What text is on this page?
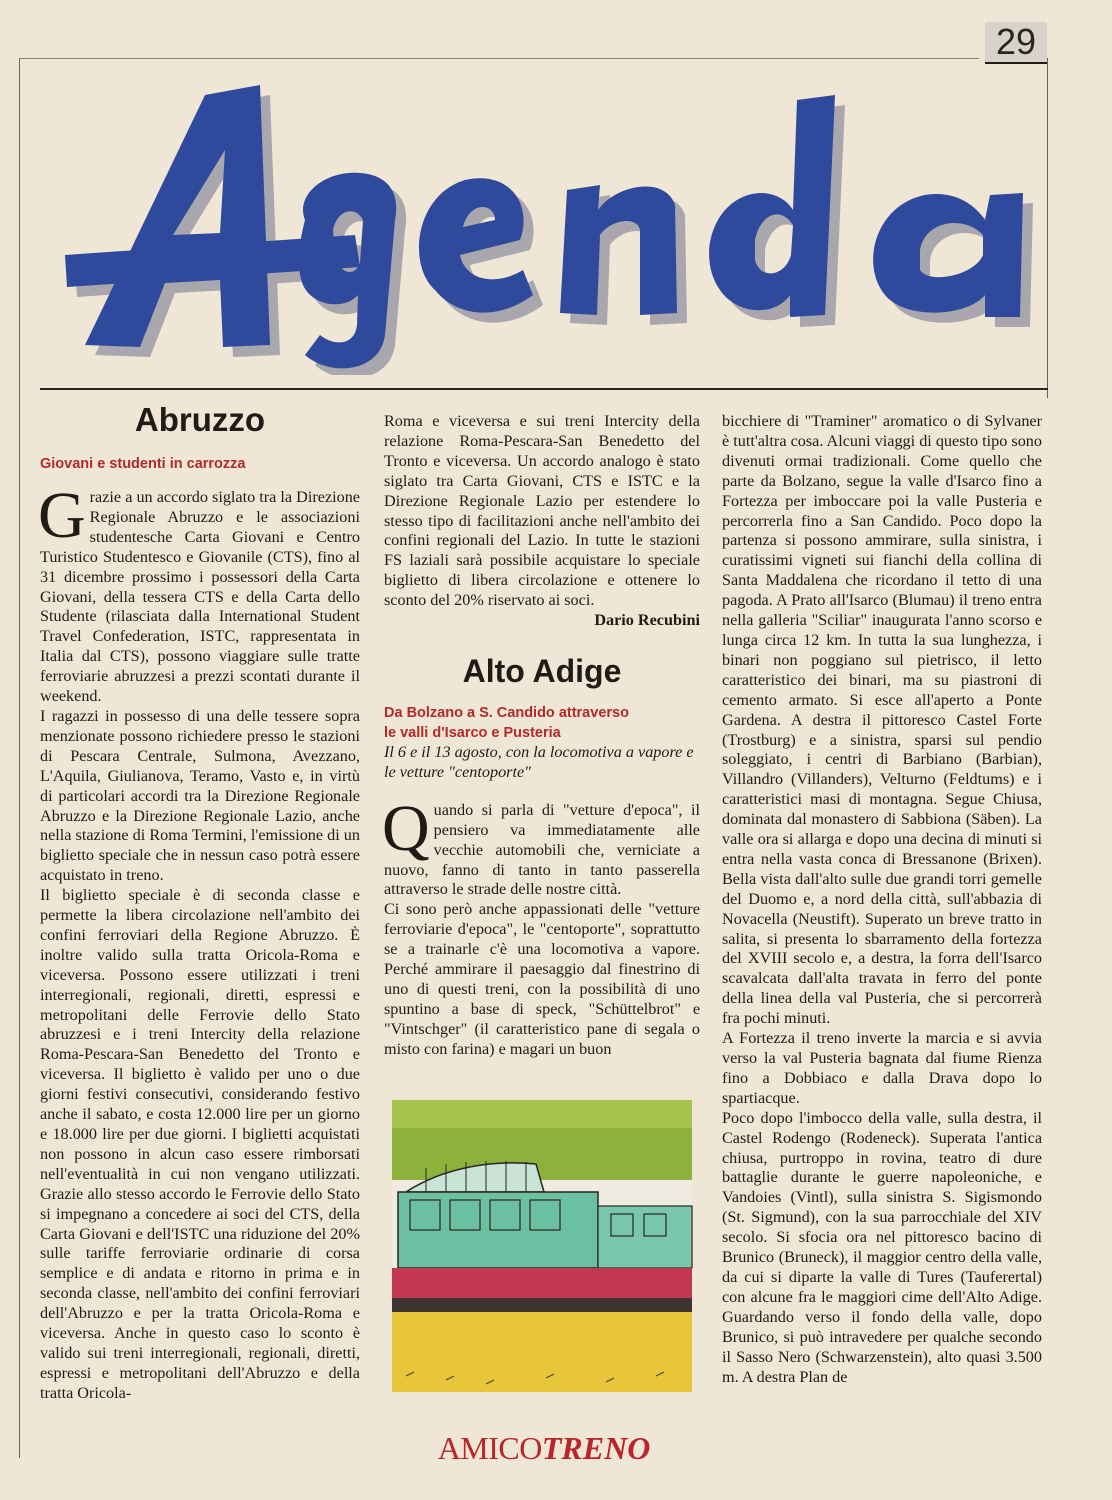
29
Abruzzo

Giovani e studenti in carrozza

Grazie a un accordo siglato tra la Direzione Regionale Abruzzo e le associazioni studentesche Carta Giovani e Centro Turistico Studentesco e Giovanile (CTS), fino al 31 dicembre prossimo i possessori della Carta Giovani, della tessera CTS e della Carta dello Studente (rilasciata dalla International Student Travel Confederation, ISTC, rappresentata in Italia dal CTS), possono viaggiare sulle tratte ferroviarie abruzzesi a prezzi scontati durante il weekend.

I ragazzi in possesso di una delle tessere sopra menzionate possono richiedere presso le stazioni di Pescara Centrale, Sulmona, Avezzano, L'Aquila, Giulianova, Teramo, Vasto e, in virtù di particolari accordi tra la Direzione Regionale Abruzzo e la Direzione Regionale Lazio, anche nella stazione di Roma Termini, l'emissione di un biglietto speciale che in nessun caso potrà essere acquistato in treno.

Il biglietto speciale è di seconda classe e permette la libera circolazione nell'ambito dei confini ferroviari della Regione Abruzzo. È inoltre valido sulla tratta Oricola-Roma e viceversa. Possono essere utilizzati i treni interregionali, regionali, diretti, espressi e metropolitani delle Ferrovie dello Stato abruzzesi e i treni Intercity della relazione Roma-Pescara-San Benedetto del Tronto e viceversa. Il biglietto è valido per uno o due giorni festivi consecutivi, considerando festivo anche il sabato, e costa 12.000 lire per un giorno e 18.000 lire per due giorni. I biglietti acquistati non possono in alcun caso essere rimborsati nell'eventualità in cui non vengano utilizzati. Grazie allo stesso accordo le Ferrovie dello Stato si impegnano a concedere ai soci del CTS, della Carta Giovani e dell'ISTC una riduzione del 20% sulle tariffe ferroviarie ordinarie di corsa semplice e di andata e ritorno in prima e in seconda classe, nell'ambito dei confini ferroviari dell'Abruzzo e per la tratta Oricola-Roma e viceversa. Anche in questo caso lo sconto è valido sui treni interregionali, regionali, diretti, espressi e metropolitani dell'Abruzzo e della tratta Oricola-

Roma e viceversa e sui treni Intercity della relazione Roma-Pescara-San Benedetto del Tronto e viceversa. Un accordo analogo è stato siglato tra Carta Giovani, CTS e ISTC e la Direzione Regionale Lazio per estendere lo stesso tipo di facilitazioni anche nell'ambito dei confini regionali del Lazio. In tutte le stazioni FS laziali sarà possibile acquistare lo speciale biglietto di libera circolazione e ottenere lo sconto del 20% riservato ai soci.

Dario Recubini

Alto Adige

Da Bolzano a S. Candido attraverso

le valli d'Isarco e Pusteria

Il 6 e il 13 agosto, con la locomotiva a vapore e le vetture "centoporte"

Quando si parla di "vetture d'epoca", il pensiero va immediatamente alle vecchie automobili che, verniciate a nuovo, fanno di tanto in tanto passerella attraverso le strade delle nostre città.

Ci sono però anche appassionati delle "vetture ferroviarie d'epoca", le "centoporte", soprattutto se a trainarle c'è una locomotiva a vapore. Perché ammirare il paesaggio dal finestrino di uno di questi treni, con la possibilità di uno spuntino a base di speck, "Schüttelbrot" e "Vintschger" (il caratteristico pane di segala o misto con farina) e magari un buon

bicchiere di "Traminer" aromatico o di Sylvaner è tutt'altra cosa. Alcuni viaggi di questo tipo sono divenuti ormai tradizionali. Come quello che parte da Bolzano, segue la valle d'Isarco fino a Fortezza per imboccare poi la valle Pusteria e percorrerla fino a San Candido. Poco dopo la partenza si possono ammirare, sulla sinistra, i curatissimi vigneti sui fianchi della collina di Santa Maddalena che ricordano il tetto di una pagoda. A Prato all'Isarco (Blumau) il treno entra nella galleria "Sciliar" inaugurata l'anno scorso e lunga circa 12 km. In tutta la sua lunghezza, i binari non poggiano sul pietrisco, il letto caratteristico dei binari, ma su piastroni di cemento armato. Si esce all'aperto a Ponte Gardena. A destra il pittoresco Castel Forte (Trostburg) e a sinistra, sparsi sul pendio soleggiato, i centri di Barbiano (Barbian), Villandro (Villanders), Velturno (Feldtums) e i caratteristici masi di montagna. Segue Chiusa, dominata dal monastero di Sabbiona (Säben). La valle ora si allarga e dopo una decina di minuti si entra nella vasta conca di Bressanone (Brixen). Bella vista dall'alto sulle due grandi torri gemelle del Duomo e, a nord della città, sull'abbazia di Novacella (Neustift). Superato un breve tratto in salita, si presenta lo sbarramento della fortezza del XVIII secolo e, a destra, la forra dell'Isarco scavalcata dall'alta travata in ferro del ponte della linea della val Pusteria, che si percorrerà fra pochi minuti.

A Fortezza il treno inverte la marcia e si avvia verso la val Pusteria bagnata dal fiume Rienza fino a Dobbiaco e dalla Drava dopo lo spartiacque.

Poco dopo l'imbocco della valle, sulla destra, il Castel Rodengo (Rodeneck). Superata l'antica chiusa, purtroppo in rovina, teatro di dure battaglie durante le guerre napoleoniche, e Vandoies (Vintl), sulla sinistra S. Sigismondo (St. Sigmund), con la sua parrocchiale del XIV secolo. Si sfocia ora nel pittoresco bacino di Brunico (Bruneck), il maggior centro della valle, da cui si diparte la valle di Tures (Tauferertal) con alcune fra le maggiori cime dell'Alto Adige. Guardando verso il fondo della valle, dopo Brunico, si può intravedere per qualche secondo il Sasso Nero (Schwarzenstein), alto quasi 3.500 m. A destra Plan de

AMICOTRENO
